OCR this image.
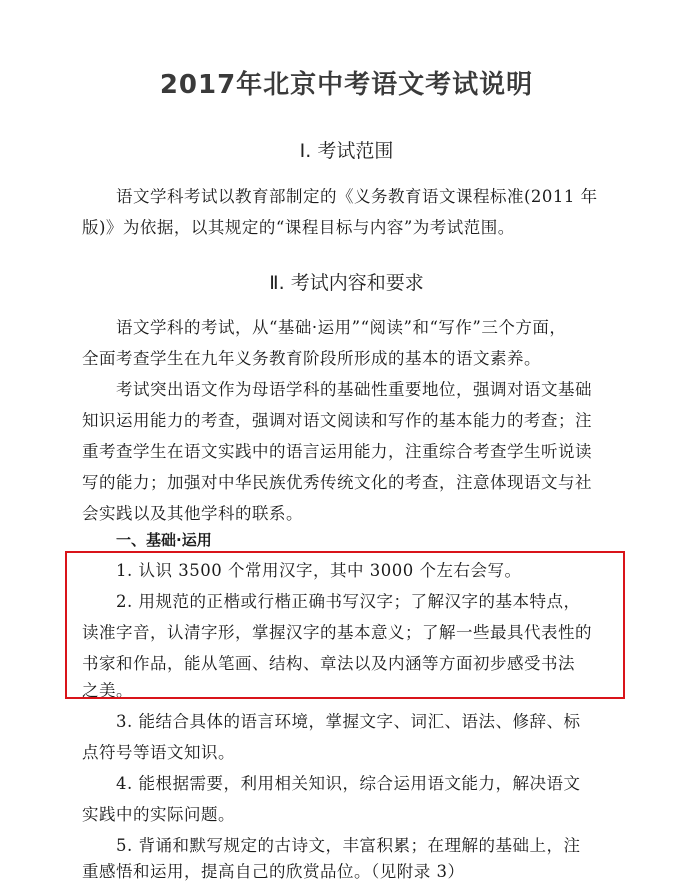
2017年北京中考语文考试说明
Ⅰ. 考试范围
语文学科考试以教育部制定的《义务教育语文课程标准(2011 年
版)》为依据，以其规定的“课程目标与内容”为考试范围。
Ⅱ. 考试内容和要求
语文学科的考试，从“基础·运用”“阅读”和“写作”三个方面，
全面考查学生在九年义务教育阶段所形成的基本的语文素养。
考试突出语文作为母语学科的基础性重要地位，强调对语文基础
知识运用能力的考查，强调对语文阅读和写作的基本能力的考查；注
重考查学生在语文实践中的语言运用能力，注重综合考查学生听说读
写的能力；加强对中华民族优秀传统文化的考查，注意体现语文与社
会实践以及其他学科的联系。
一、基础·运用
1. 认识 3500 个常用汉字，其中 3000 个左右会写。
2. 用规范的正楷或行楷正确书写汉字；了解汉字的基本特点，
读准字音，认清字形，掌握汉字的基本意义；了解一些最具代表性的
书家和作品，能从笔画、结构、章法以及内涵等方面初步感受书法
之美。
3. 能结合具体的语言环境，掌握文字、词汇、语法、修辞、标
点符号等语文知识。
4. 能根据需要，利用相关知识，综合运用语文能力，解决语文
实践中的实际问题。
5. 背诵和默写规定的古诗文，丰富积累；在理解的基础上，注
重感悟和运用，提高自己的欣赏品位。（见附录 3）
